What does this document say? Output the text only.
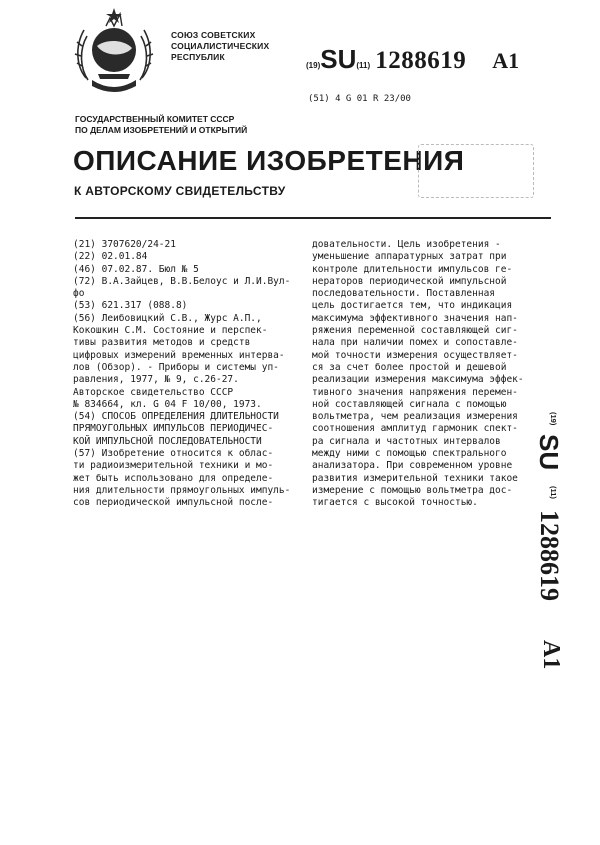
СОЮЗ СОВЕТСКИХ
СОЦИАЛИСТИЧЕСКИХ
РЕСПУБЛИК
(19)SU(11) 1288619 A1
(51) 4 G 01 R 23/00
ГОСУДАРСТВЕННЫЙ КОМИТЕТ СССР
ПО ДЕЛАМ ИЗОБРЕТЕНИЙ И ОТКРЫТИЙ
ОПИСАНИЕ ИЗОБРЕТЕНИЯ
К АВТОРСКОМУ СВИДЕТЕЛЬСТВУ
(21) 3707620/24-21
(22) 02.01.84
(46) 07.02.87. Бюл № 5
(72) В.А.Зайцев, В.В.Белоус и Л.И.Вул-
фо
(53) 621.317 (088.8)
(56) Леибовицкий С.В., Журс А.П.,
Кокошкин С.М. Состояние и перспек-
тивы развития методов и средств
цифровых измерений временных интерва-
лов (Обзор). - Приборы и системы уп-
равления, 1977, № 9, с.26-27.
Авторское свидетельство СССР
№ 834664, кл. G 04 F 10/00, 1973.
(54) СПОСОБ ОПРЕДЕЛЕНИЯ ДЛИТЕЛЬНОСТИ
ПРЯМОУГОЛЬНЫХ ИМПУЛЬСОВ ПЕРИОДИЧЕС-
КОЙ ИМПУЛЬСНОЙ ПОСЛЕДОВАТЕЛЬНОСТИ
(57) Изобретение относится к облас-
ти радиоизмерительной техники и мо-
жет быть использовано для определе-
ния длительности прямоугольных импуль-
сов периодической импульсной после-
довательности. Цель изобретения -
уменьшение аппаратурных затрат при
контроле длительности импульсов ге-
нераторов периодической импульсной
последовательности. Поставленная
цель достигается тем, что индикация
максимума эффективного значения нап-
ряжения переменной составляющей сиг-
нала при наличии помех и сопоставле-
мой точности измерения осуществляет-
ся за счет более простой и дешевой
реализации измерения максимума эффек-
тивного значения напряжения перемен-
ной составляющей сигнала с помощью
вольтметра, чем реализация измерения
соотношения амплитуд гармоник спект-
ра сигнала и частотных интервалов
между ними с помощью спектрального
анализатора. При современном уровне
развития измерительной техники такое
измерение с помощью вольтметра дос-
тигается с высокой точностью.
(19)
SU
(11)
1288619
A1
